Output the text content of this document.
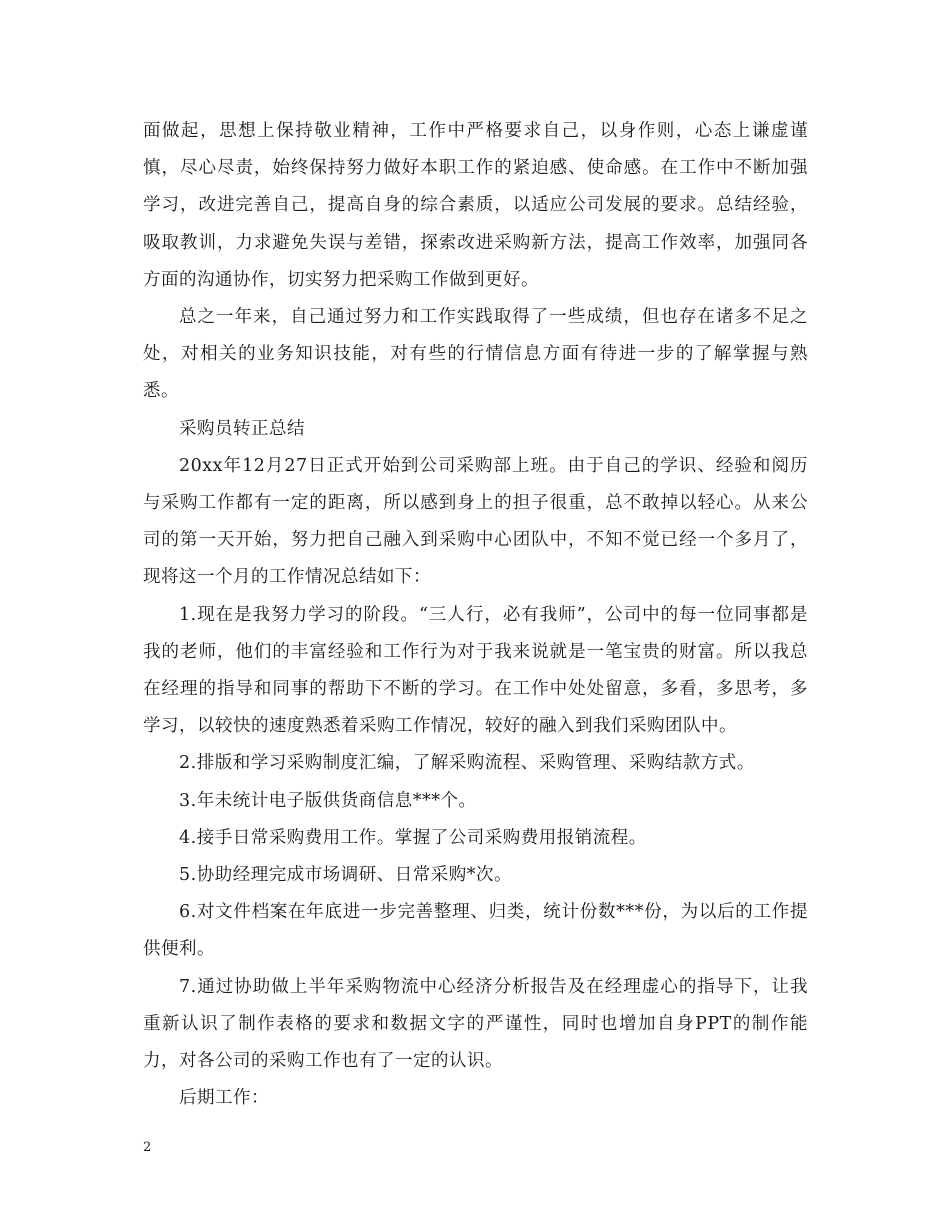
面做起，思想上保持敬业精神，工作中严格要求自己，以身作则，心态上谦虚谨慎，尽心尽责，始终保持努力做好本职工作的紧迫感、使命感。在工作中不断加强学习，改进完善自己，提高自身的综合素质，以适应公司发展的要求。总结经验，吸取教训，力求避免失误与差错，探索改进采购新方法，提高工作效率，加强同各方面的沟通协作，切实努力把采购工作做到更好。

总之一年来，自己通过努力和工作实践取得了一些成绩，但也存在诸多不足之处，对相关的业务知识技能，对有些的行情信息方面有待进一步的了解掌握与熟悉。

采购员转正总结

20xx年12月27日正式开始到公司采购部上班。由于自己的学识、经验和阅历与采购工作都有一定的距离，所以感到身上的担子很重，总不敢掉以轻心。从来公司的第一天开始，努力把自己融入到采购中心团队中，不知不觉已经一个多月了，现将这一个月的工作情况总结如下：

1.现在是我努力学习的阶段。“三人行，必有我师”，公司中的每一位同事都是我的老师，他们的丰富经验和工作行为对于我来说就是一笔宝贵的财富。所以我总在经理的指导和同事的帮助下不断的学习。在工作中处处留意，多看，多思考，多学习，以较快的速度熟悉着采购工作情况，较好的融入到我们采购团队中。

2.排版和学习采购制度汇编，了解采购流程、采购管理、采购结款方式。

3.年未统计电子版供货商信息***个。

4.接手日常采购费用工作。掌握了公司采购费用报销流程。

5.协助经理完成市场调研、日常采购*次。

6.对文件档案在年底进一步完善整理、归类，统计份数***份，为以后的工作提供便利。

7.通过协助做上半年采购物流中心经济分析报告及在经理虚心的指导下，让我重新认识了制作表格的要求和数据文字的严谨性，同时也增加自身PPT的制作能力，对各公司的采购工作也有了一定的认识。

后期工作：

2
